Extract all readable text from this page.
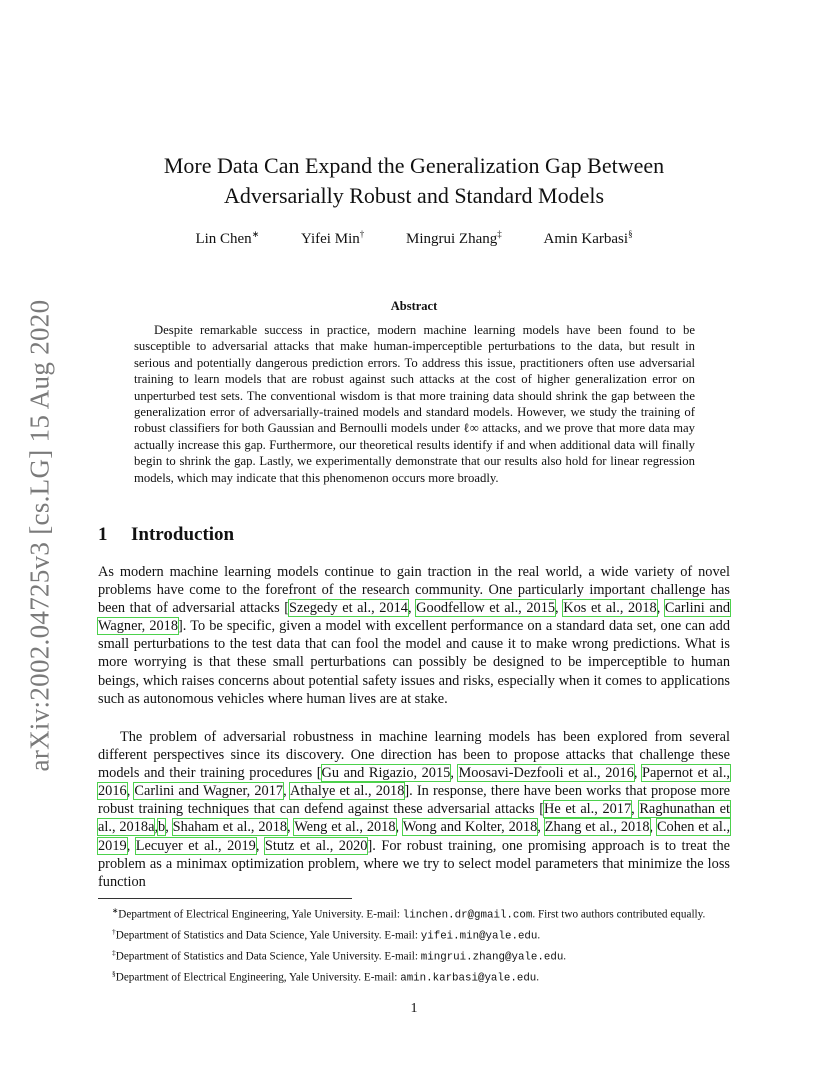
arXiv:2002.04725v3 [cs.LG] 15 Aug 2020
More Data Can Expand the Generalization Gap Between
Adversarially Robust and Standard Models
Lin Chen∗	Yifei Min†	Mingrui Zhang‡	Amin Karbasi§
Abstract
Despite remarkable success in practice, modern machine learning models have been found to be susceptible to adversarial attacks that make human-imperceptible perturbations to the data, but result in serious and potentially dangerous prediction errors. To address this issue, practitioners often use adversarial training to learn models that are robust against such attacks at the cost of higher generalization error on unperturbed test sets. The conventional wisdom is that more training data should shrink the gap between the generalization error of adversarially-trained models and standard models. However, we study the training of robust classifiers for both Gaussian and Bernoulli models under ℓ∞ attacks, and we prove that more data may actually increase this gap. Furthermore, our theoretical results identify if and when additional data will finally begin to shrink the gap. Lastly, we experimentally demonstrate that our results also hold for linear regression models, which may indicate that this phenomenon occurs more broadly.
1 Introduction
As modern machine learning models continue to gain traction in the real world, a wide variety of novel problems have come to the forefront of the research community. One particularly important challenge has been that of adversarial attacks [Szegedy et al., 2014, Goodfellow et al., 2015, Kos et al., 2018, Carlini and Wagner, 2018]. To be specific, given a model with excellent performance on a standard data set, one can add small perturbations to the test data that can fool the model and cause it to make wrong predictions. What is more worrying is that these small perturbations can possibly be designed to be imperceptible to human beings, which raises concerns about potential safety issues and risks, especially when it comes to applications such as autonomous vehicles where human lives are at stake.
The problem of adversarial robustness in machine learning models has been explored from several different perspectives since its discovery. One direction has been to propose attacks that challenge these models and their training procedures [Gu and Rigazio, 2015, Moosavi-Dezfooli et al., 2016, Papernot et al., 2016, Carlini and Wagner, 2017, Athalye et al., 2018]. In response, there have been works that propose more robust training techniques that can defend against these adversarial attacks [He et al., 2017, Raghunathan et al., 2018a,b, Shaham et al., 2018, Weng et al., 2018, Wong and Kolter, 2018, Zhang et al., 2018, Cohen et al., 2019, Lecuyer et al., 2019, Stutz et al., 2020]. For robust training, one promising approach is to treat the problem as a minimax optimization problem, where we try to select model parameters that minimize the loss function
∗Department of Electrical Engineering, Yale University. E-mail: linchen.dr@gmail.com. First two authors contributed equally.
†Department of Statistics and Data Science, Yale University. E-mail: yifei.min@yale.edu.
‡Department of Statistics and Data Science, Yale University. E-mail: mingrui.zhang@yale.edu.
§Department of Electrical Engineering, Yale University. E-mail: amin.karbasi@yale.edu.
1
